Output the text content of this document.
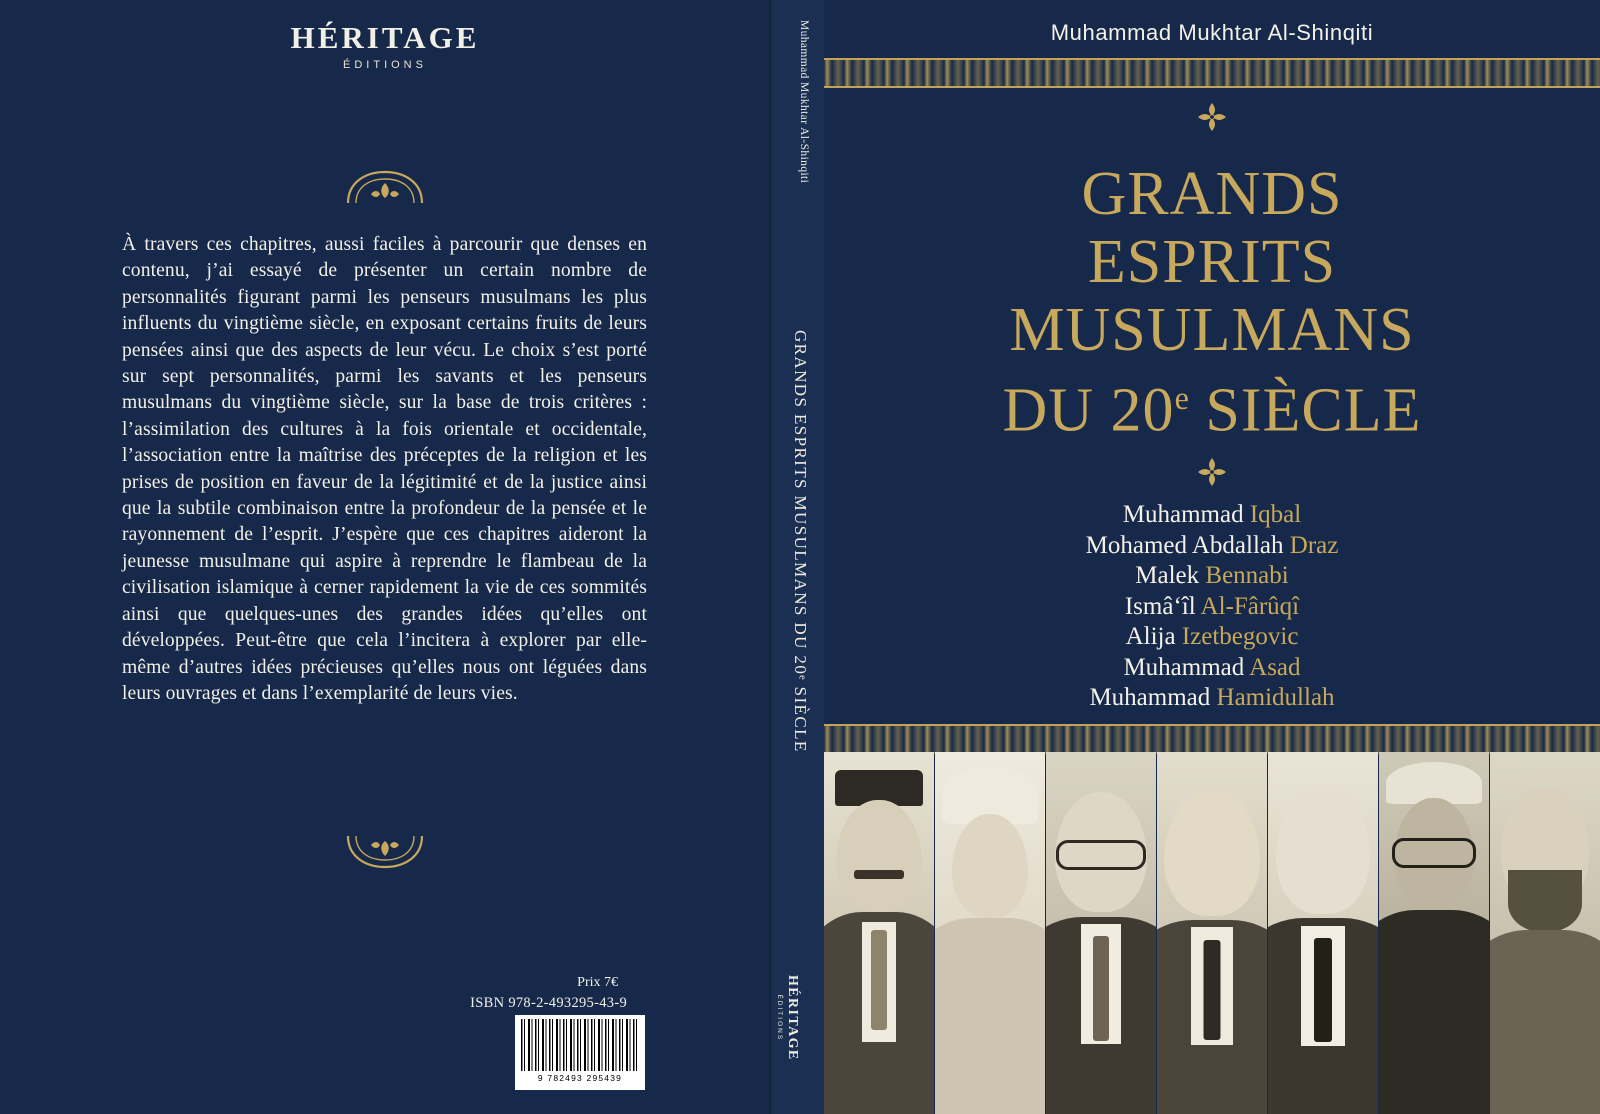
HÉRITAGE
ÉDITIONS
À travers ces chapitres, aussi faciles à parcourir que denses en contenu, j’ai essayé de présenter un certain nombre de personnalités figurant parmi les penseurs musulmans les plus influents du vingtième siècle, en exposant certains fruits de leurs pensées ainsi que des aspects de leur vécu. Le choix s’est porté sur sept personnalités, parmi les savants et les penseurs musulmans du vingtième siècle, sur la base de trois critères : l’assimilation des cultures à la fois orientale et occidentale, l’association entre la maîtrise des préceptes de la religion et les prises de position en faveur de la légitimité et de la justice ainsi que la subtile combinaison entre la profondeur de la pensée et le rayonnement de l’esprit. J’espère que ces chapitres aideront la jeunesse musulmane qui aspire à reprendre le flambeau de la civilisation islamique à cerner rapidement la vie de ces sommités ainsi que quelques-unes des grandes idées qu’elles ont développées. Peut-être que cela l’incitera à explorer par elle-même d’autres idées précieuses qu’elles nous ont léguées dans leurs ouvrages et dans l’exemplarité de leurs vies.
Prix 7€
ISBN 978-2-493295-43-9
9 782493 295439
Muhammad Mukhtar Al-Shinqiti
GRANDS ESPRITS MUSULMANS DU 20ᵉ SIÈCLE
HÉRITAGE
ÉDITIONS
Muhammad Mukhtar Al-Shinqiti
GRANDS
ESPRITS
MUSULMANS
DU 20e SIÈCLE
Muhammad Iqbal
Mohamed Abdallah Draz
Malek Bennabi
Ismâ‘îl Al-Fârûqî
Alija Izetbegovic
Muhammad Asad
Muhammad Hamidullah
